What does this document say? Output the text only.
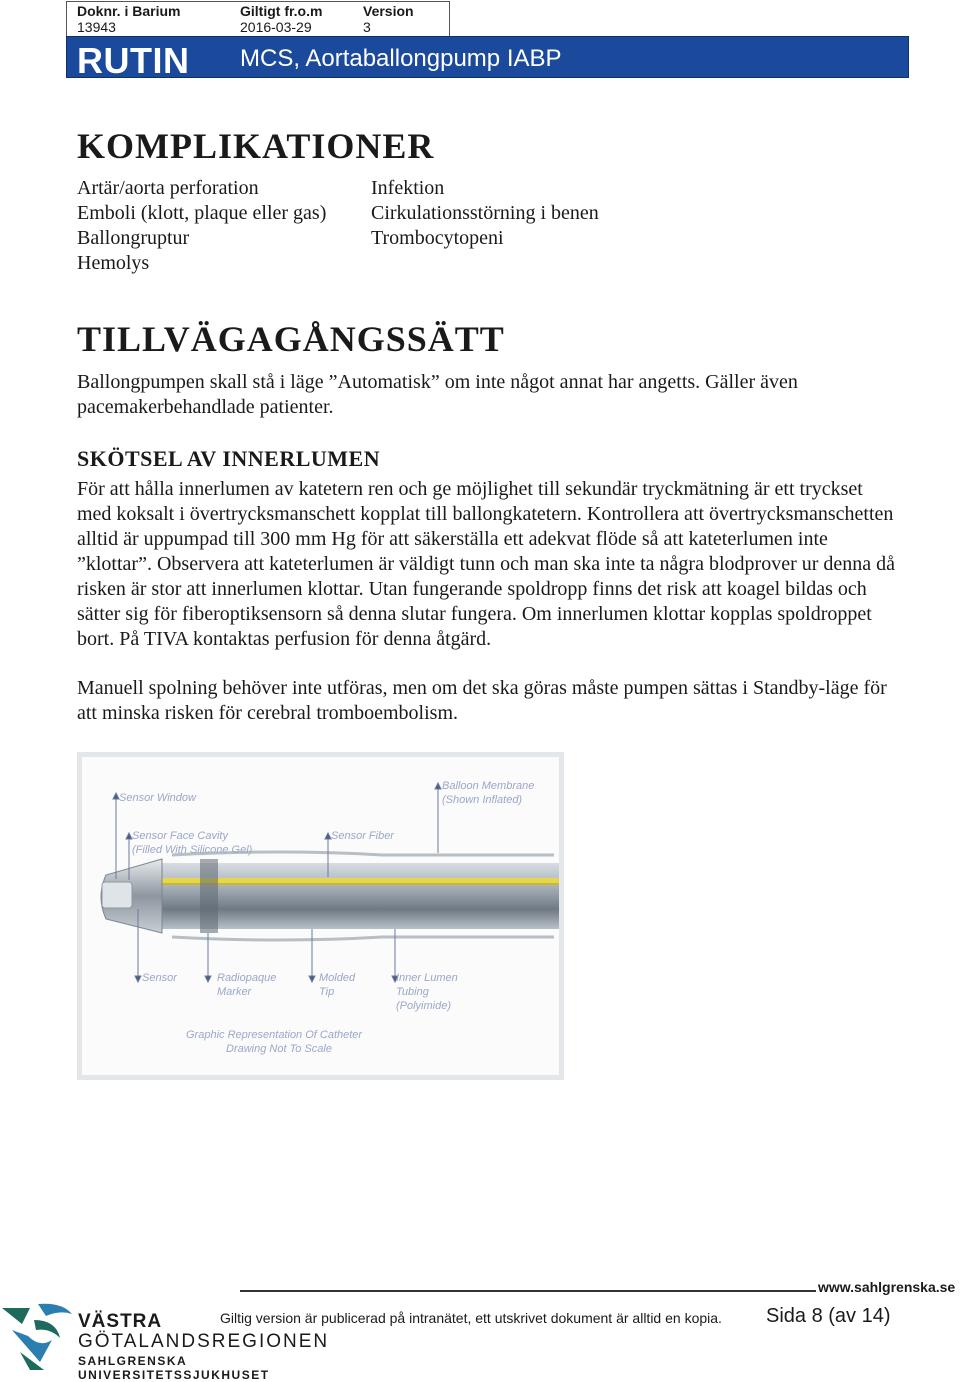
Doknr. i Barium
13943
Giltigt fr.o.m
2016-03-29
Version
3
RUTIN MCS, Aortaballongpump IABP
KOMPLIKATIONER
Artär/aorta perforation
Emboli (klott, plaque eller gas)
Ballongruptur
Hemolys
Infektion
Cirkulationsstörning i benen
Trombocytopeni
TILLVÄGAGÅNGSSÄTT

Ballongpumpen skall stå i läge ”Automatisk” om inte något annat har angetts. Gäller även pacemakerbehandlade patienter.

SKÖTSEL AV INNERLUMEN

För att hålla innerlumen av katetern ren och ge möjlighet till sekundär tryckmätning är ett tryckset med koksalt i övertrycksmanschett kopplat till ballongkatetern. Kontrollera att övertrycksmanschetten alltid är uppumpad till 300 mm Hg för att säkerställa ett adekvat flöde så att kateterlumen inte ”klottar”. Observera att kateterlumen är väldigt tunn och man ska inte ta några blodprover ur denna då risken är stor att innerlumen klottar. Utan fungerande spoldropp finns det risk att koagel bildas och sätter sig för fiberoptiksensorn så denna slutar fungera. Om innerlumen klottar kopplas spoldroppet bort. På TIVA kontaktas perfusion för denna åtgärd.

Manuell spolning behöver inte utföras, men om det ska göras måste pumpen sättas i Standby-läge för att minska risken för cerebral tromboembolism.

Sensor Window
Balloon Membrane
(Shown Inflated)
Sensor Face Cavity
(Filled With Silicone Gel)
Sensor Fiber
Sensor	Radiopaque
Marker
Molded
Tip
Inner Lumen
Tubing
(Polyimide)
Graphic Representation Of Catheter
Drawing Not To Scale
www.sahlgrenska.se
Giltig version är publicerad på intranätet, ett utskrivet dokument är alltid en kopia. Sida 8 (av 14)
VÄSTRA
GÖTALANDSREGIONEN
SAHLGRENSKA UNIVERSITETSSJUKHUSET
